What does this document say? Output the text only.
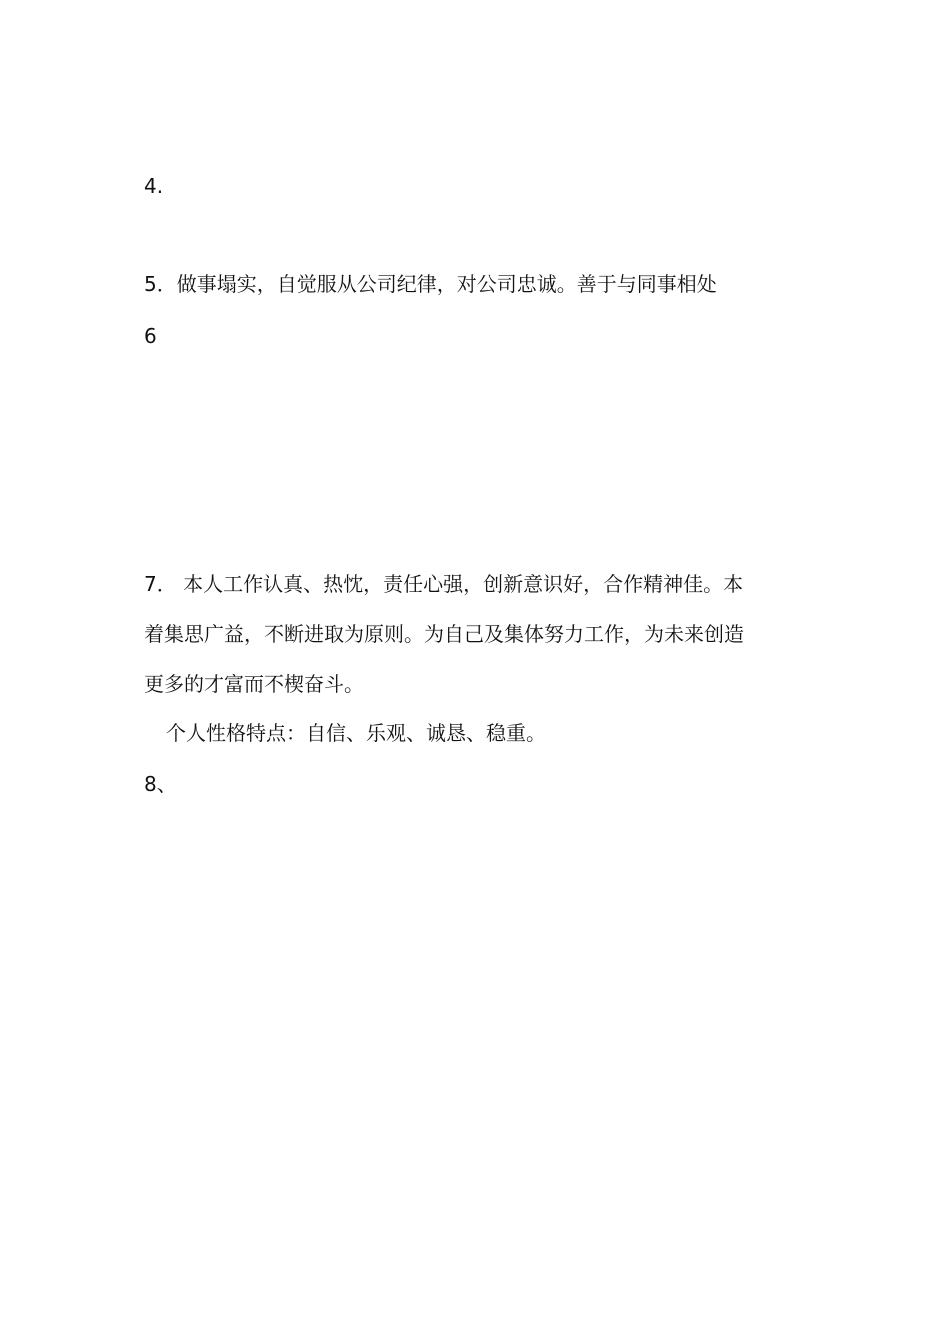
4.
5．做事塌实，自觉服从公司纪律，对公司忠诚。善于与同事相处
6
7． 本人工作认真、热忱，责任心强，创新意识好，合作精神佳。本
着集思广益，不断进取为原则。为自己及集体努力工作，为未来创造
更多的才富而不楔奋斗。
个人性格特点：自信、乐观、诚恳、稳重。
8、
